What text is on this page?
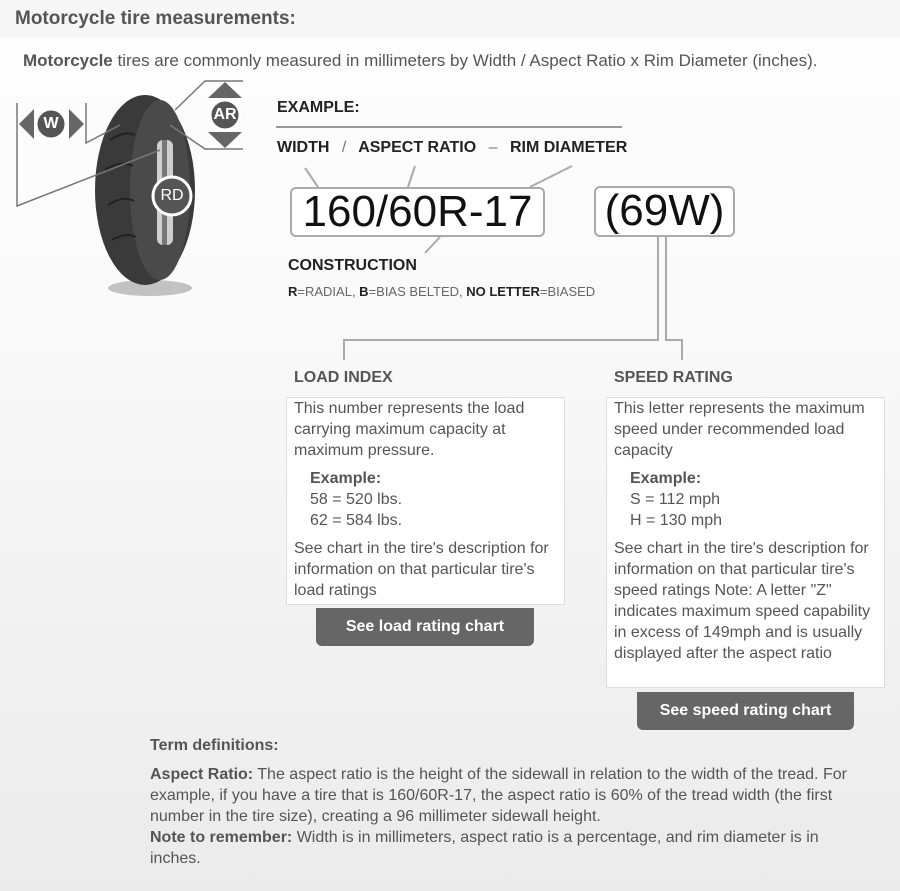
Motorcycle tire measurements:

Motorcycle tires are commonly measured in millimeters by Width / Aspect Ratio x Rim Diameter (inches).

W
AR
RD
EXAMPLE:
WIDTH / ASPECT RATIO – RIM DIAMETER
160/60R-17 (69W)
CONSTRUCTION
R=RADIAL, B=BIAS BELTED, NO LETTER=BIASED
LOAD INDEX

This number represents the load carrying maximum capacity at maximum pressure.

Example:
58 = 520 lbs.
62 = 584 lbs.

See chart in the tire's description for information on that particular tire's load ratings

See load rating chart
SPEED RATING

This letter represents the maximum speed under recommended load capacity

Example:
S = 112 mph
H = 130 mph

See chart in the tire's description for information on that particular tire's speed ratings Note: A letter "Z" indicates maximum speed capability in excess of 149mph and is usually displayed after the aspect ratio

See speed rating chart
Term definitions:

Aspect Ratio: The aspect ratio is the height of the sidewall in relation to the width of the tread. For example, if you have a tire that is 160/60R-17, the aspect ratio is 60% of the tread width (the first number in the tire size), creating a 96 millimeter sidewall height.
Note to remember: Width is in millimeters, aspect ratio is a percentage, and rim diameter is in inches.
